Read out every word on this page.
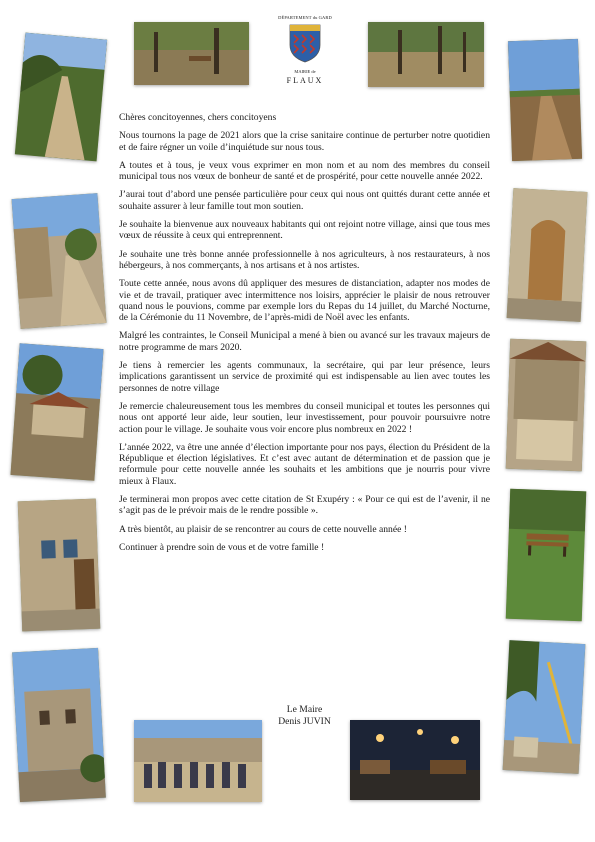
DÉPARTEMENT du GARD
MAIRIE de
FLAUX

Chères concitoyennes, chers concitoyens

Nous tournons la page de 2021 alors que la crise sanitaire continue de perturber notre quotidien et de faire régner un voile d’inquiétude sur nous tous.

A toutes et à tous, je veux vous exprimer en mon nom et au nom des membres du conseil municipal tous nos vœux de bonheur de santé et de prospérité, pour cette nouvelle année 2022.

J’aurai tout d’abord une pensée particulière pour ceux qui nous ont quittés durant cette année et souhaite assurer à leur famille tout mon soutien.

Je souhaite la bienvenue aux nouveaux habitants qui ont rejoint notre village, ainsi que tous mes vœux de réussite à ceux qui entreprennent.

Je souhaite une très bonne année professionnelle à nos agriculteurs, à nos restaurateurs, à nos hébergeurs, à nos commerçants, à nos artisans et à nos artistes.

Toute cette année, nous avons dû appliquer des mesures de distanciation, adapter nos modes de vie et de travail, pratiquer avec intermittence nos loisirs, apprécier le plaisir de nous retrouver quand nous le pouvions, comme par exemple lors du Repas du 14 juillet, du Marché Nocturne, de la Cérémonie du 11 Novembre, de l’après-midi de Noël avec les enfants.

Malgré les contraintes, le Conseil Municipal a mené à bien ou avancé sur les travaux majeurs de notre programme de mars 2020.

Je tiens à remercier les agents communaux, la secrétaire, qui par leur présence, leurs implications garantissent un service de proximité qui est indispensable au lien avec toutes les personnes de notre village

Je remercie chaleureusement tous les membres du conseil municipal et toutes les personnes qui nous ont apporté leur aide, leur soutien, leur investissement, pour pouvoir poursuivre notre action pour le village. Je souhaite vous voir encore plus nombreux en 2022 !

L’année 2022, va être une année d’élection importante pour nos pays, élection du Président de la République et élection législatives. Et c’est avec autant de détermination et de passion que je reformule pour cette nouvelle année les souhaits et les ambitions que je nourris pour vivre mieux à Flaux.

Je terminerai mon propos avec cette citation de St Exupéry : « Pour ce qui est de l’avenir, il ne s’agit pas de le prévoir mais de le rendre possible ».

A très bientôt, au plaisir de se rencontrer au cours de cette nouvelle année !

Continuer à prendre soin de vous et de votre famille !

Le Maire
Denis JUVIN
